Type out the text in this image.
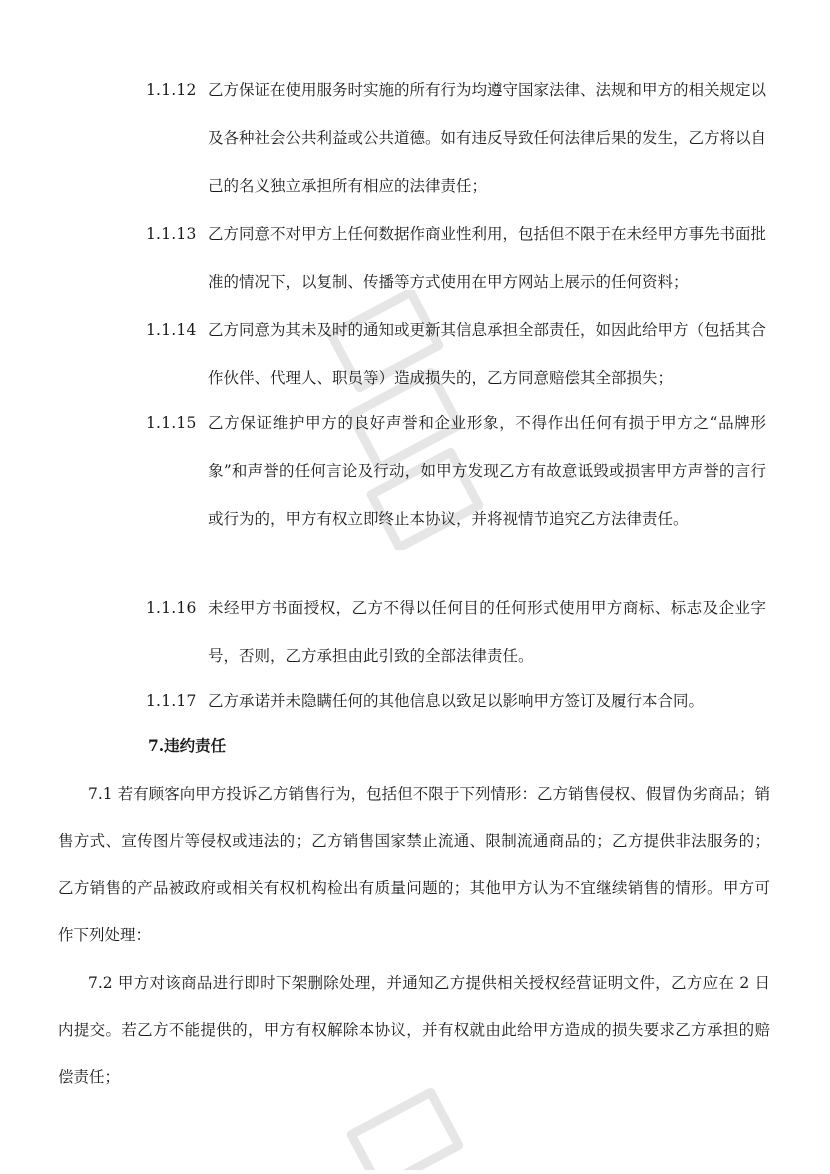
1.1.12 乙方保证在使用服务时实施的所有行为均遵守国家法律、法规和甲方的相关规定以及各种社会公共利益或公共道德。如有违反导致任何法律后果的发生，乙方将以自己的名义独立承担所有相应的法律责任；
1.1.13 乙方同意不对甲方上任何数据作商业性利用，包括但不限于在未经甲方事先书面批准的情况下，以复制、传播等方式使用在甲方网站上展示的任何资料；
1.1.14 乙方同意为其未及时的通知或更新其信息承担全部责任，如因此给甲方（包括其合作伙伴、代理人、职员等）造成损失的，乙方同意赔偿其全部损失；
1.1.15 乙方保证维护甲方的良好声誉和企业形象，不得作出任何有损于甲方之“品牌形象”和声誉的任何言论及行动，如甲方发现乙方有故意诋毁或损害甲方声誉的言行或行为的，甲方有权立即终止本协议，并将视情节追究乙方法律责任。
1.1.16 未经甲方书面授权，乙方不得以任何目的任何形式使用甲方商标、标志及企业字号，否则，乙方承担由此引致的全部法律责任。
1.1.17 乙方承诺并未隐瞒任何的其他信息以致足以影响甲方签订及履行本合同。
7.违约责任
7.1 若有顾客向甲方投诉乙方销售行为，包括但不限于下列情形：乙方销售侵权、假冒伪劣商品；销售方式、宣传图片等侵权或违法的；乙方销售国家禁止流通、限制流通商品的；乙方提供非法服务的；乙方销售的产品被政府或相关有权机构检出有质量问题的；其他甲方认为不宜继续销售的情形。甲方可作下列处理：
7.2 甲方对该商品进行即时下架删除处理，并通知乙方提供相关授权经营证明文件，乙方应在 2 日内提交。若乙方不能提供的，甲方有权解除本协议，并有权就由此给甲方造成的损失要求乙方承担的赔偿责任；
